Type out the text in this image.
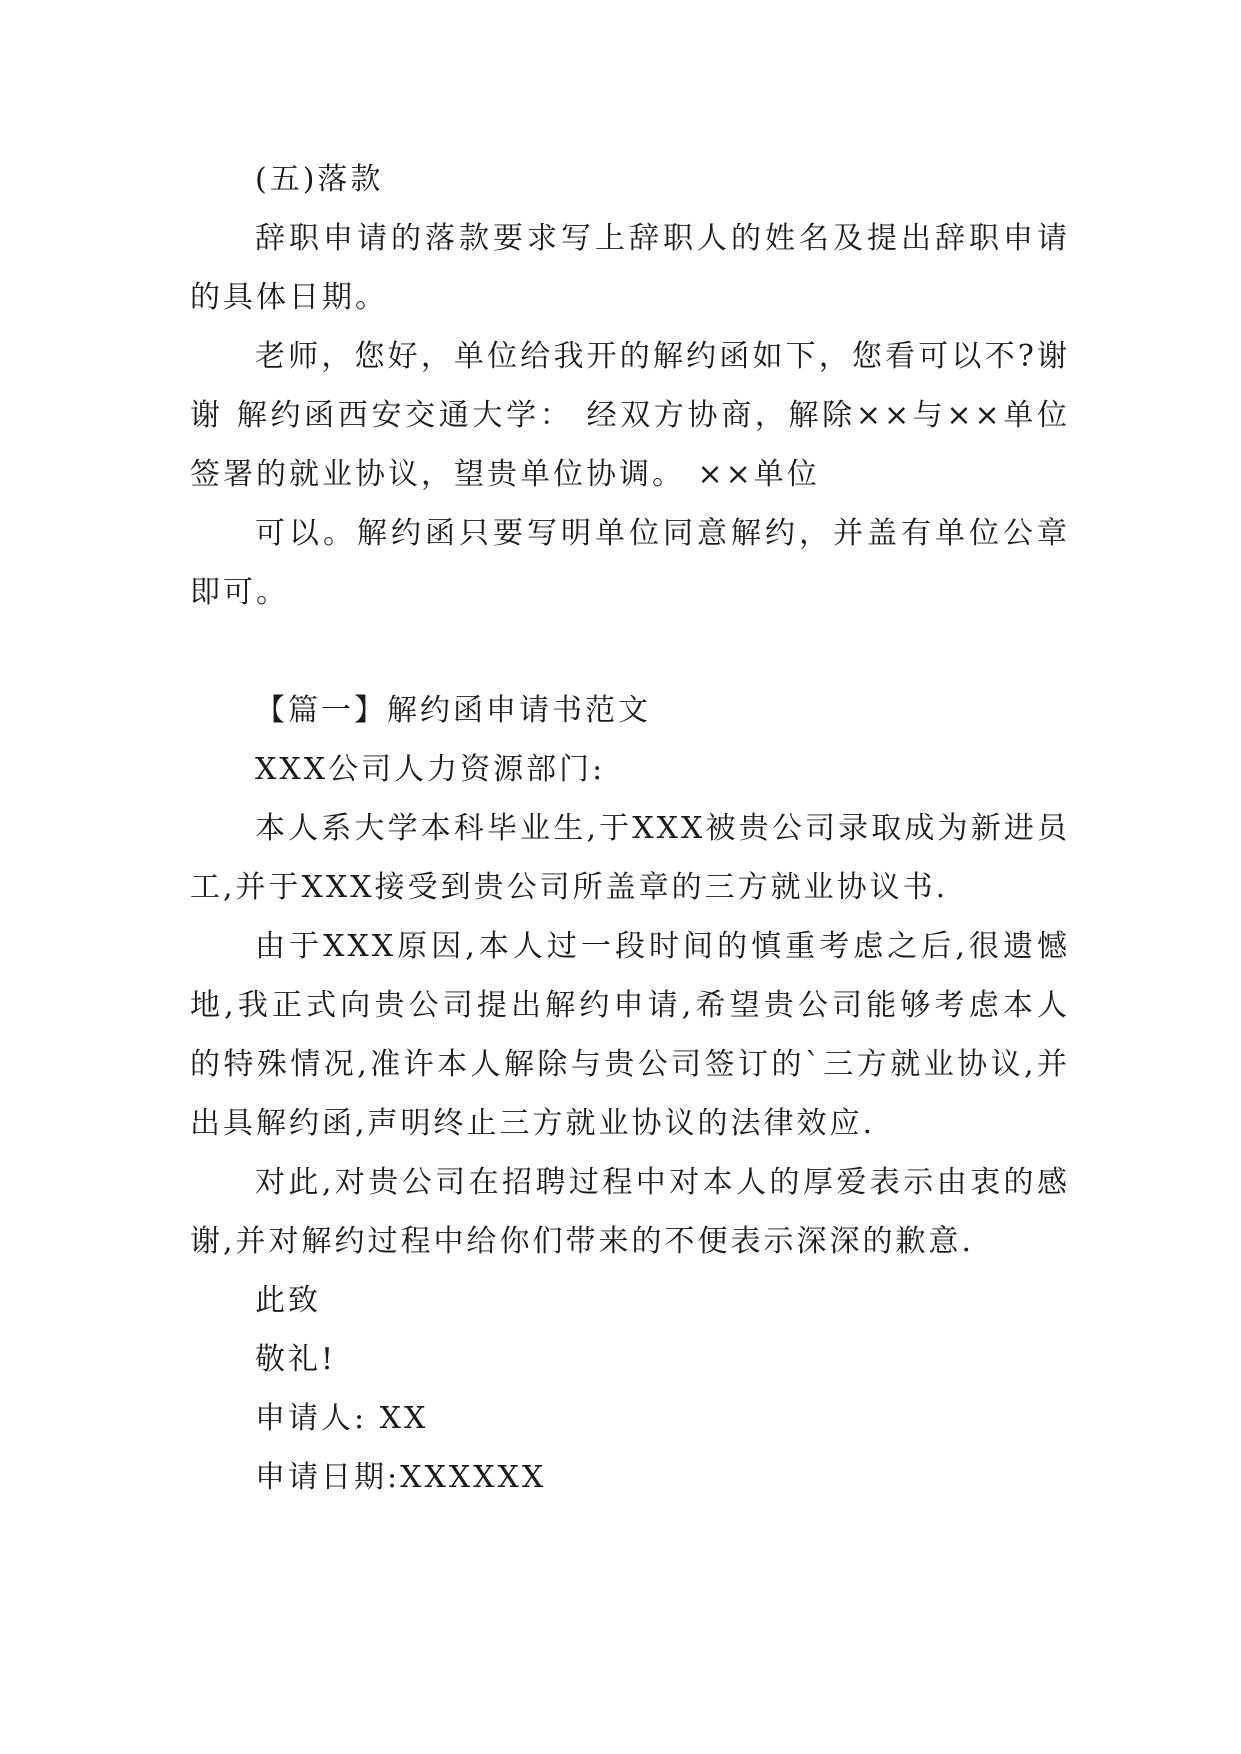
(五)落款

辞职申请的落款要求写上辞职人的姓名及提出辞职申请的具体日期。

老师，您好，单位给我开的解约函如下，您看可以不?谢谢 解约函西安交通大学： 经双方协商，解除××与××单位签署的就业协议，望贵单位协调。 ××单位

可以。解约函只要写明单位同意解约，并盖有单位公章即可。

【篇一】解约函申请书范文

XXX公司人力资源部门:

本人系大学本科毕业生,于XXX被贵公司录取成为新进员工,并于XXX接受到贵公司所盖章的三方就业协议书.

由于XXX原因,本人过一段时间的慎重考虑之后,很遗憾地,我正式向贵公司提出解约申请,希望贵公司能够考虑本人的特殊情况,准许本人解除与贵公司签订的`三方就业协议,并出具解约函,声明终止三方就业协议的法律效应.

对此,对贵公司在招聘过程中对本人的厚爱表示由衷的感谢,并对解约过程中给你们带来的不便表示深深的歉意.

此致

敬礼!

申请人: XX

申请日期:XXXXXX
